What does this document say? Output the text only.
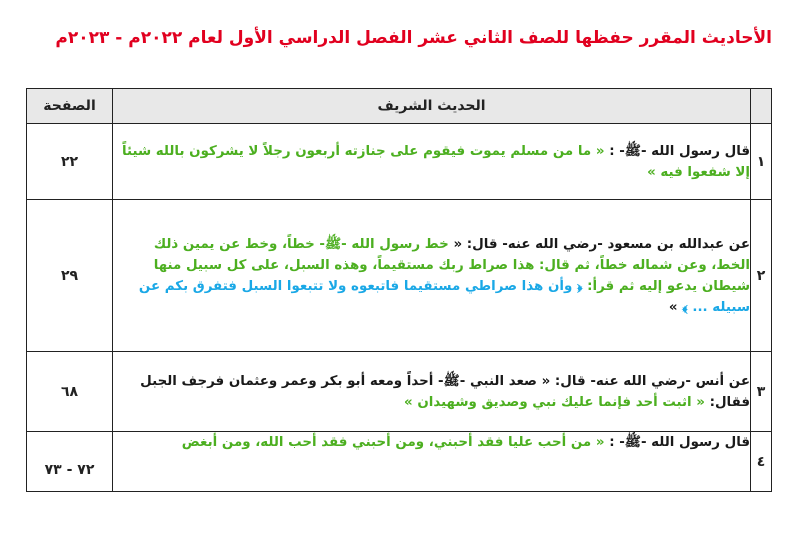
الأحاديث المقرر حفظها للصف الثاني عشر الفصل الدراسي الأول لعام ٢٠٢٢م - ٢٠٢٣م
	الحديث الشريف	الصفحة
١	قال رسول الله -ﷺ- : « ما من مسلم يموت فيقوم على جنازته أربعون رجلاً لا يشركون بالله شيئاً إلا شفعوا فيه »	٢٢
٢	عن عبدالله بن مسعود -رضي الله عنه- قال: « خط رسول الله -ﷺ- خطاً، وخط عن يمين ذلك الخط، وعن شماله خطاً، ثم قال: هذا صراط ربك مستقيماً، وهذه السبل، على كل سبيل منها شيطان يدعو إليه ثم قرأ: ﴿ وأن هذا صراطي مستقيما فاتبعوه ولا تتبعوا السبل فتفرق بكم عن سبيله ... ﴾ »	٢٩
٣	عن أنس -رضي الله عنه- قال: « صعد النبي -ﷺ- أحداً ومعه أبو بكر وعمر وعثمان فرجف الجبل فقال: « اثبت أحد فإنما عليك نبي وصديق وشهيدان »	٦٨
٤	قال رسول الله -ﷺ- : « من أحب عليا فقد أحبني، ومن أحبني فقد أحب الله، ومن أبغض	٧٢ - ٧٣
